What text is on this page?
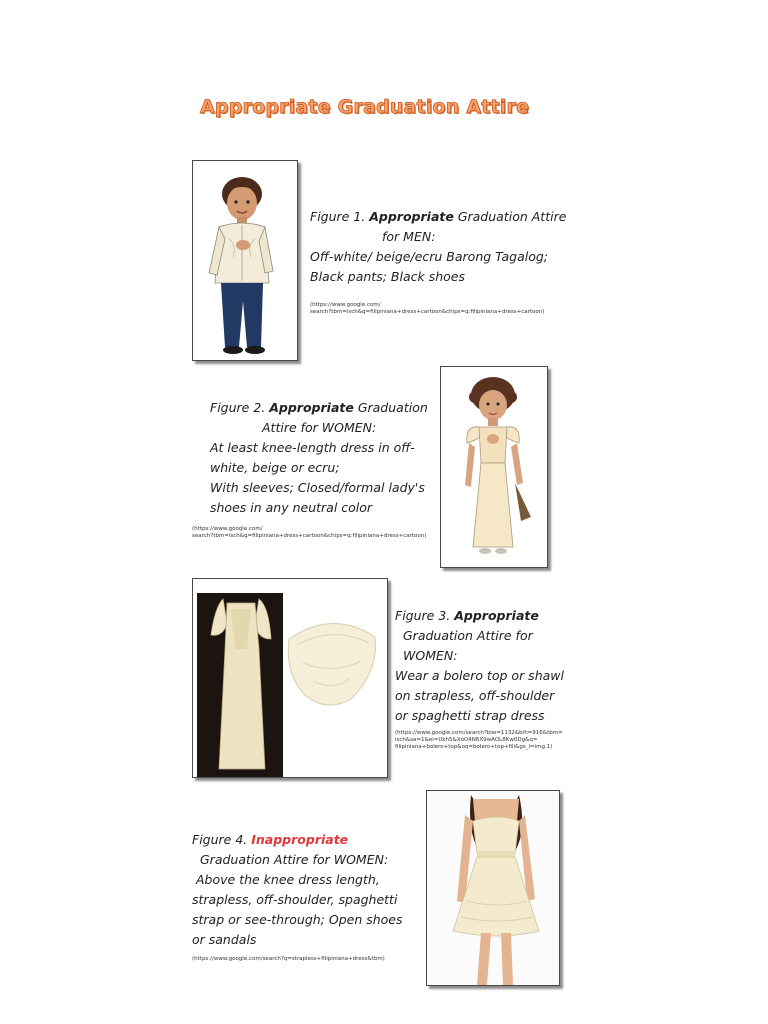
Appropriate Graduation Attire
Figure 1. Appropriate Graduation Attire
for MEN:
Off-white/ beige/ecru Barong Tagalog;
Black pants; Black shoes
(https://www.google.com/
search?tbm=isch&q=filipiniana+dress+cartoon&chips=q:filipiniana+dress+cartoon)
Figure 2. Appropriate Graduation
Attire for WOMEN:
At least knee-length dress in off-
white, beige or ecru;
With sleeves; Closed/formal lady's
shoes in any neutral color
(https://www.google.com/
search?tbm=isch&q=filipiniana+dress+cartoon&chips=q:filipiniana+dress+cartoon)
Figure 3. Appropriate
Graduation Attire for
WOMEN:
Wear a bolero top or shawl
on strapless, off-shoulder
or spaghetti strap dress
(https://www.google.com/search?biw=1132&bih=916&tbm=
isch&sa=1&ei=Ukh5&XoO4N6X9wAOL8Kw0Dg&q=
filipiniana+bolero+top&oq=bolero+top+fili&gs_l=img.1)
Figure 4. Inappropriate
Graduation Attire for WOMEN:
Above the knee dress length,
strapless, off-shoulder, spaghetti
strap or see-through; Open shoes
or sandals
(https://www.google.com/search?q=strapless+filipiniana+dress&tbm)
